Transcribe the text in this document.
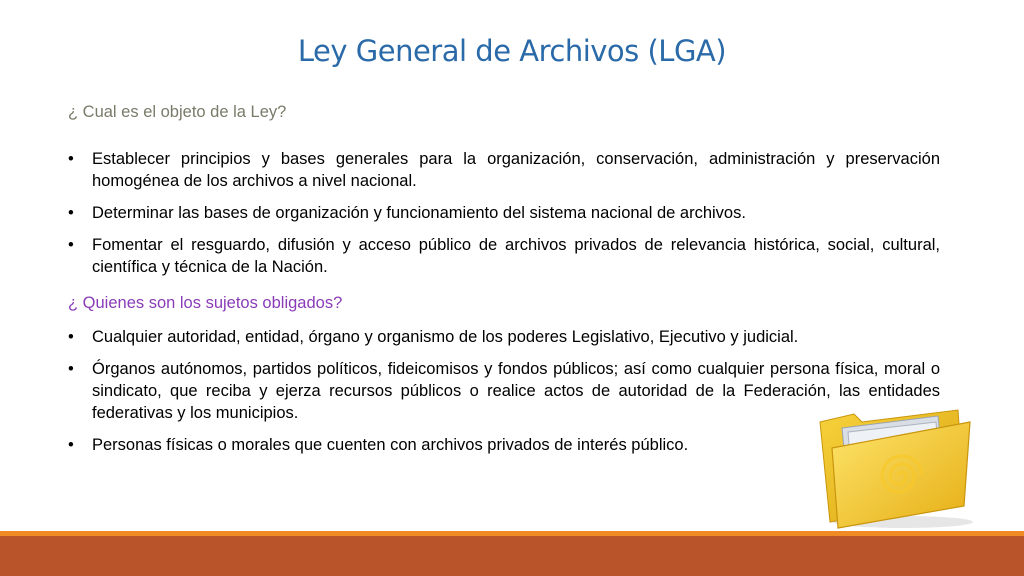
Ley General de Archivos (LGA)
¿ Cual es el objeto de la Ley?
• Establecer principios y bases generales para la organización, conservación, administración y preservación homogénea de los archivos a nivel nacional.
• Determinar las bases de organización y funcionamiento del sistema nacional de archivos.
• Fomentar el resguardo, difusión y acceso público de archivos privados de relevancia histórica, social, cultural, científica y técnica de la Nación.
¿ Quienes son los sujetos obligados?
• Cualquier autoridad, entidad, órgano y organismo de los poderes Legislativo, Ejecutivo y judicial.
• Órganos autónomos, partidos políticos, fideicomisos y fondos públicos; así como cualquier persona física, moral o sindicato, que reciba y ejerza recursos públicos o realice actos de autoridad de la Federación, las entidades federativas y los municipios.
• Personas físicas o morales que cuenten con archivos privados de interés público.
